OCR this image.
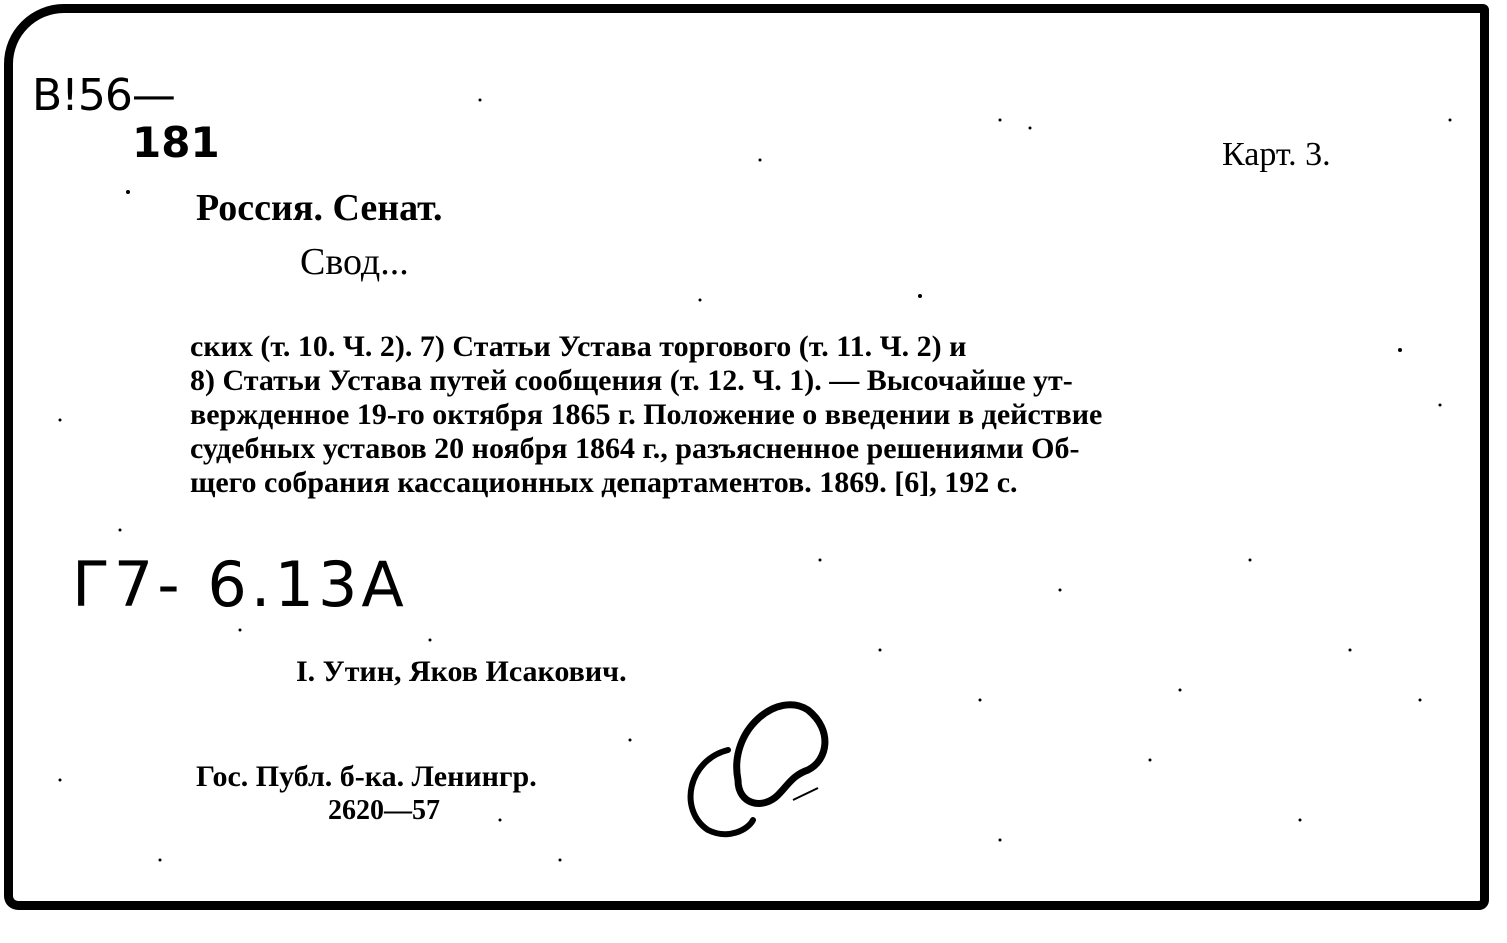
B!56—
181	Карт. 3.
Россия. Сенат.
Свод...
ских (т. 10. Ч. 2). 7) Статьи Устава торгового (т. 11. Ч. 2) и
8) Статьи Устава путей сообщения (т. 12. Ч. 1). — Высочайше ут-
вержденное 19-го октября 1865 г. Положение о введении в действие
судебных уставов 20 ноября 1864 г., разъясненное решениями Об-
щего собрания кассационных департаментов. 1869. [6], 192 с.
Г7- 6.13А
I. Утин, Яков Исакович.
Гос. Публ. б-ка. Ленингр.
2620—57
